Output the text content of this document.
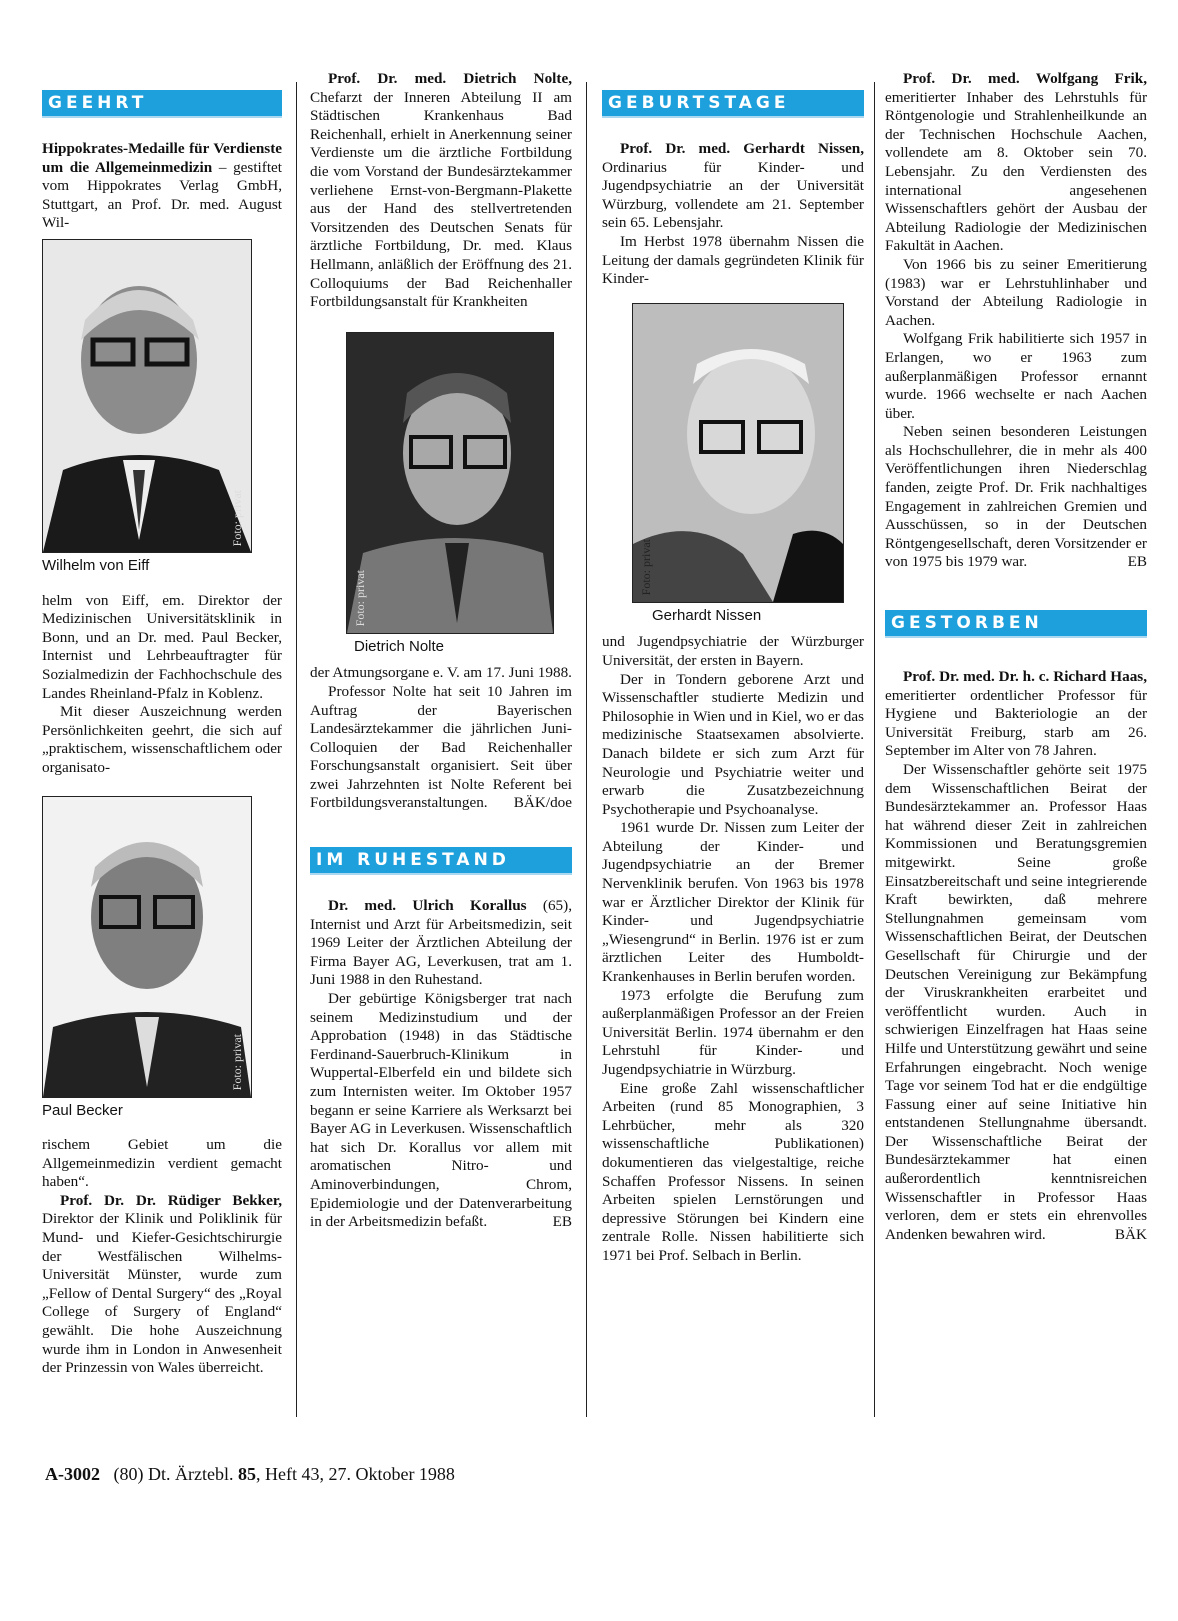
GEEHRT

Hippokrates-Medaille für Verdienste um die Allgemeinmedizin – gestiftet vom Hippokrates Verlag GmbH, Stuttgart, an Prof. Dr. med. August Wil-

Foto: privat
Wilhelm von Eiff

helm von Eiff, em. Direktor der Medizinischen Universitätsklinik in Bonn, und an Dr. med. Paul Becker, Internist und Lehrbeauftragter für Sozialmedizin der Fachhochschule des Landes Rheinland-Pfalz in Koblenz.

Mit dieser Auszeichnung werden Persönlichkeiten geehrt, die sich auf „praktischem, wissenschaftlichem oder organisato-

Foto: privat
Paul Becker

rischem Gebiet um die Allgemeinmedizin verdient gemacht haben“.

Prof. Dr. Dr. Rüdiger Bekker, Direktor der Klinik und Poliklinik für Mund- und Kiefer-Gesichtschirurgie der Westfälischen Wilhelms-Universität Münster, wurde zum „Fellow of Dental Surgery“ des „Royal College of Surgery of England“ gewählt. Die hohe Auszeichnung wurde ihm in London in Anwesenheit der Prinzessin von Wales überreicht.

Prof. Dr. med. Dietrich Nolte, Chefarzt der Inneren Abteilung II am Städtischen Krankenhaus Bad Reichenhall, erhielt in Anerkennung seiner Verdienste um die ärztliche Fortbildung die vom Vorstand der Bundesärztekammer verliehene Ernst-von-Bergmann-Plakette aus der Hand des stellvertretenden Vorsitzenden des Deutschen Senats für ärztliche Fortbildung, Dr. med. Klaus Hellmann, anläßlich der Eröffnung des 21. Colloquiums der Bad Reichenhaller Fortbildungsanstalt für Krankheiten

Foto: privat
Dietrich Nolte

der Atmungsorgane e. V. am 17. Juni 1988.

Professor Nolte hat seit 10 Jahren im Auftrag der Bayerischen Landesärztekammer die jährlichen Juni-Colloquien der Bad Reichenhaller Forschungsanstalt organisiert. Seit über zwei Jahrzehnten ist Nolte Referent bei Fortbildungsveranstaltungen.	BÄK/doe

IM RUHESTAND

Dr. med. Ulrich Korallus (65), Internist und Arzt für Arbeitsmedizin, seit 1969 Leiter der Ärztlichen Abteilung der Firma Bayer AG, Leverkusen, trat am 1. Juni 1988 in den Ruhestand.

Der gebürtige Königsberger trat nach seinem Medizinstudium und der Approbation (1948) in das Städtische Ferdinand-Sauerbruch-Klinikum in Wuppertal-Elberfeld ein und bildete sich zum Internisten weiter. Im Oktober 1957 begann er seine Karriere als Werksarzt bei Bayer AG in Leverkusen. Wissenschaftlich hat sich Dr. Korallus vor allem mit aromatischen Nitro- und Aminoverbindungen, Chrom, Epidemiologie und der Datenverarbeitung in der Arbeitsmedizin befaßt.	EB

GEBURTSTAGE

Prof. Dr. med. Gerhardt Nissen, Ordinarius für Kinder- und Jugendpsychiatrie an der Universität Würzburg, vollendete am 21. September sein 65. Lebensjahr.

Im Herbst 1978 übernahm Nissen die Leitung der damals gegründeten Klinik für Kinder-

Foto: privat
Gerhardt Nissen

und Jugendpsychiatrie der Würzburger Universität, der ersten in Bayern.

Der in Tondern geborene Arzt und Wissenschaftler studierte Medizin und Philosophie in Wien und in Kiel, wo er das medizinische Staatsexamen absolvierte. Danach bildete er sich zum Arzt für Neurologie und Psychiatrie weiter und erwarb die Zusatzbezeichnung Psychotherapie und Psychoanalyse.

1961 wurde Dr. Nissen zum Leiter der Abteilung der Kinder- und Jugendpsychiatrie an der Bremer Nervenklinik berufen. Von 1963 bis 1978 war er Ärztlicher Direktor der Klinik für Kinder- und Jugendpsychiatrie „Wiesengrund“ in Berlin. 1976 ist er zum ärztlichen Leiter des Humboldt-Krankenhauses in Berlin berufen worden.

1973 erfolgte die Berufung zum außerplanmäßigen Professor an der Freien Universität Berlin. 1974 übernahm er den Lehrstuhl für Kinder- und Jugendpsychiatrie in Würzburg.

Eine große Zahl wissenschaftlicher Arbeiten (rund 85 Monographien, 3 Lehrbücher, mehr als 320 wissenschaftliche Publikationen) dokumentieren das vielgestaltige, reiche Schaffen Professor Nissens. In seinen Arbeiten spielen Lernstörungen und depressive Störungen bei Kindern eine zentrale Rolle. Nissen habilitierte sich 1971 bei Prof. Selbach in Berlin.

Prof. Dr. med. Wolfgang Frik, emeritierter Inhaber des Lehrstuhls für Röntgenologie und Strahlenheilkunde an der Technischen Hochschule Aachen, vollendete am 8. Oktober sein 70. Lebensjahr. Zu den Verdiensten des international angesehenen Wissenschaftlers gehört der Ausbau der Abteilung Radiologie der Medizinischen Fakultät in Aachen.

Von 1966 bis zu seiner Emeritierung (1983) war er Lehrstuhlinhaber und Vorstand der Abteilung Radiologie in Aachen.

Wolfgang Frik habilitierte sich 1957 in Erlangen, wo er 1963 zum außerplanmäßigen Professor ernannt wurde. 1966 wechselte er nach Aachen über.

Neben seinen besonderen Leistungen als Hochschullehrer, die in mehr als 400 Veröffentlichungen ihren Niederschlag fanden, zeigte Prof. Dr. Frik nachhaltiges Engagement in zahlreichen Gremien und Ausschüssen, so in der Deutschen Röntgengesellschaft, deren Vorsitzender er von 1975 bis 1979 war.	EB

GESTORBEN

Prof. Dr. med. Dr. h. c. Richard Haas, emeritierter ordentlicher Professor für Hygiene und Bakteriologie an der Universität Freiburg, starb am 26. September im Alter von 78 Jahren.

Der Wissenschaftler gehörte seit 1975 dem Wissenschaftlichen Beirat der Bundesärztekammer an. Professor Haas hat während dieser Zeit in zahlreichen Kommissionen und Beratungsgremien mitgewirkt. Seine große Einsatzbereitschaft und seine integrierende Kraft bewirkten, daß mehrere Stellungnahmen gemeinsam vom Wissenschaftlichen Beirat, der Deutschen Gesellschaft für Chirurgie und der Deutschen Vereinigung zur Bekämpfung der Viruskrankheiten erarbeitet und veröffentlicht wurden. Auch in schwierigen Einzelfragen hat Haas seine Hilfe und Unterstützung gewährt und seine Erfahrungen eingebracht. Noch wenige Tage vor seinem Tod hat er die endgültige Fassung einer auf seine Initiative hin entstandenen Stellungnahme übersandt. Der Wissenschaftliche Beirat der Bundesärztekammer hat einen außerordentlich kenntnisreichen Wissenschaftler in Professor Haas verloren, dem er stets ein ehrenvolles Andenken bewahren wird.	BÄK

A-3002 (80) Dt. Ärztebl. 85, Heft 43, 27. Oktober 1988
